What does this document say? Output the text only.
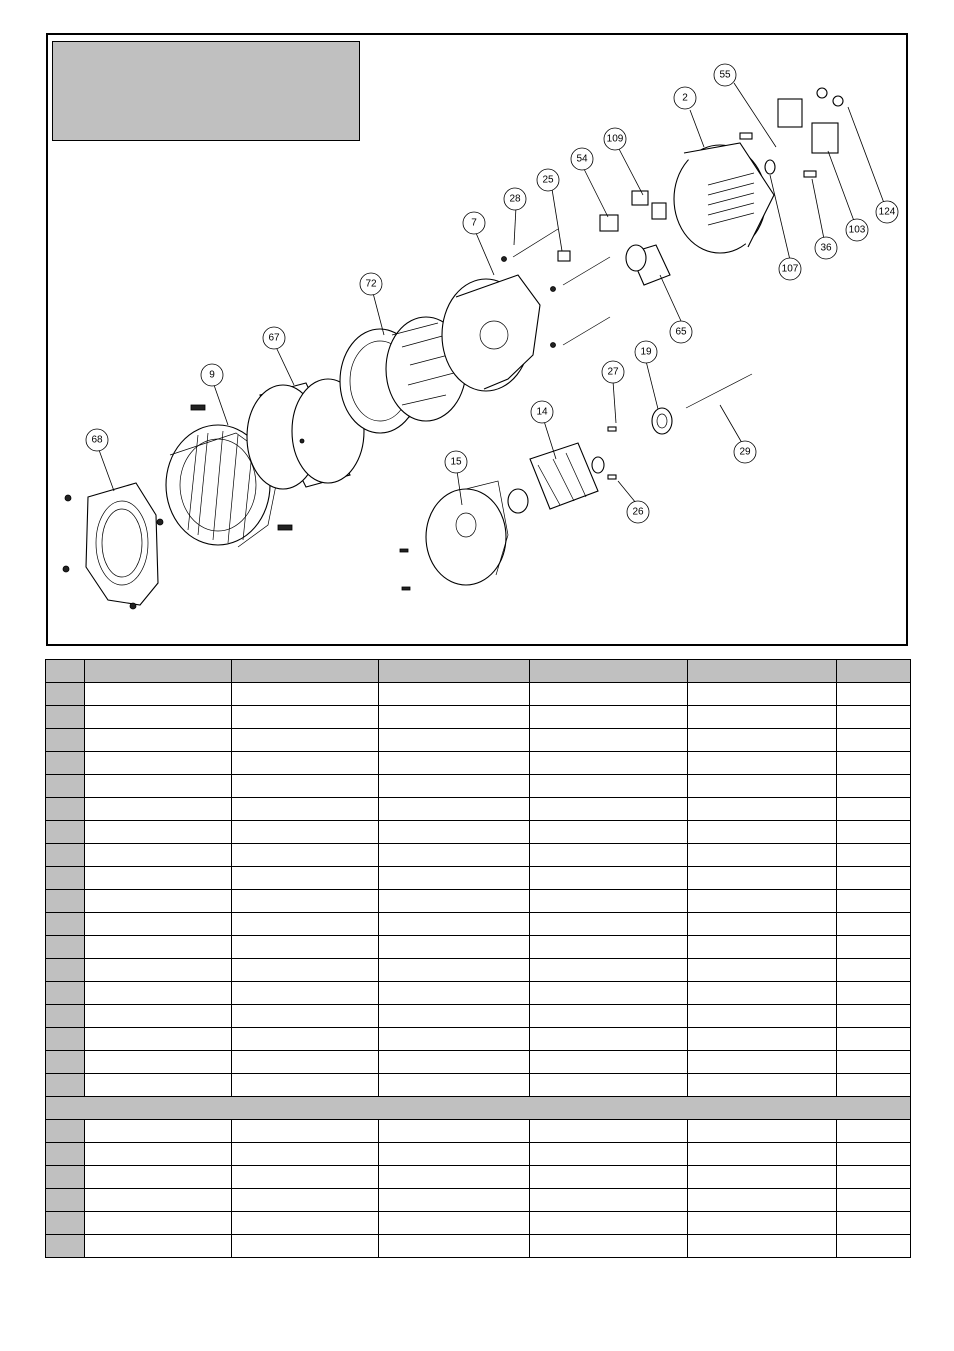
2
55
124
103
107
36
109
54
25
28
7
65
72
67
9
68
19
27
14
29
15
26
